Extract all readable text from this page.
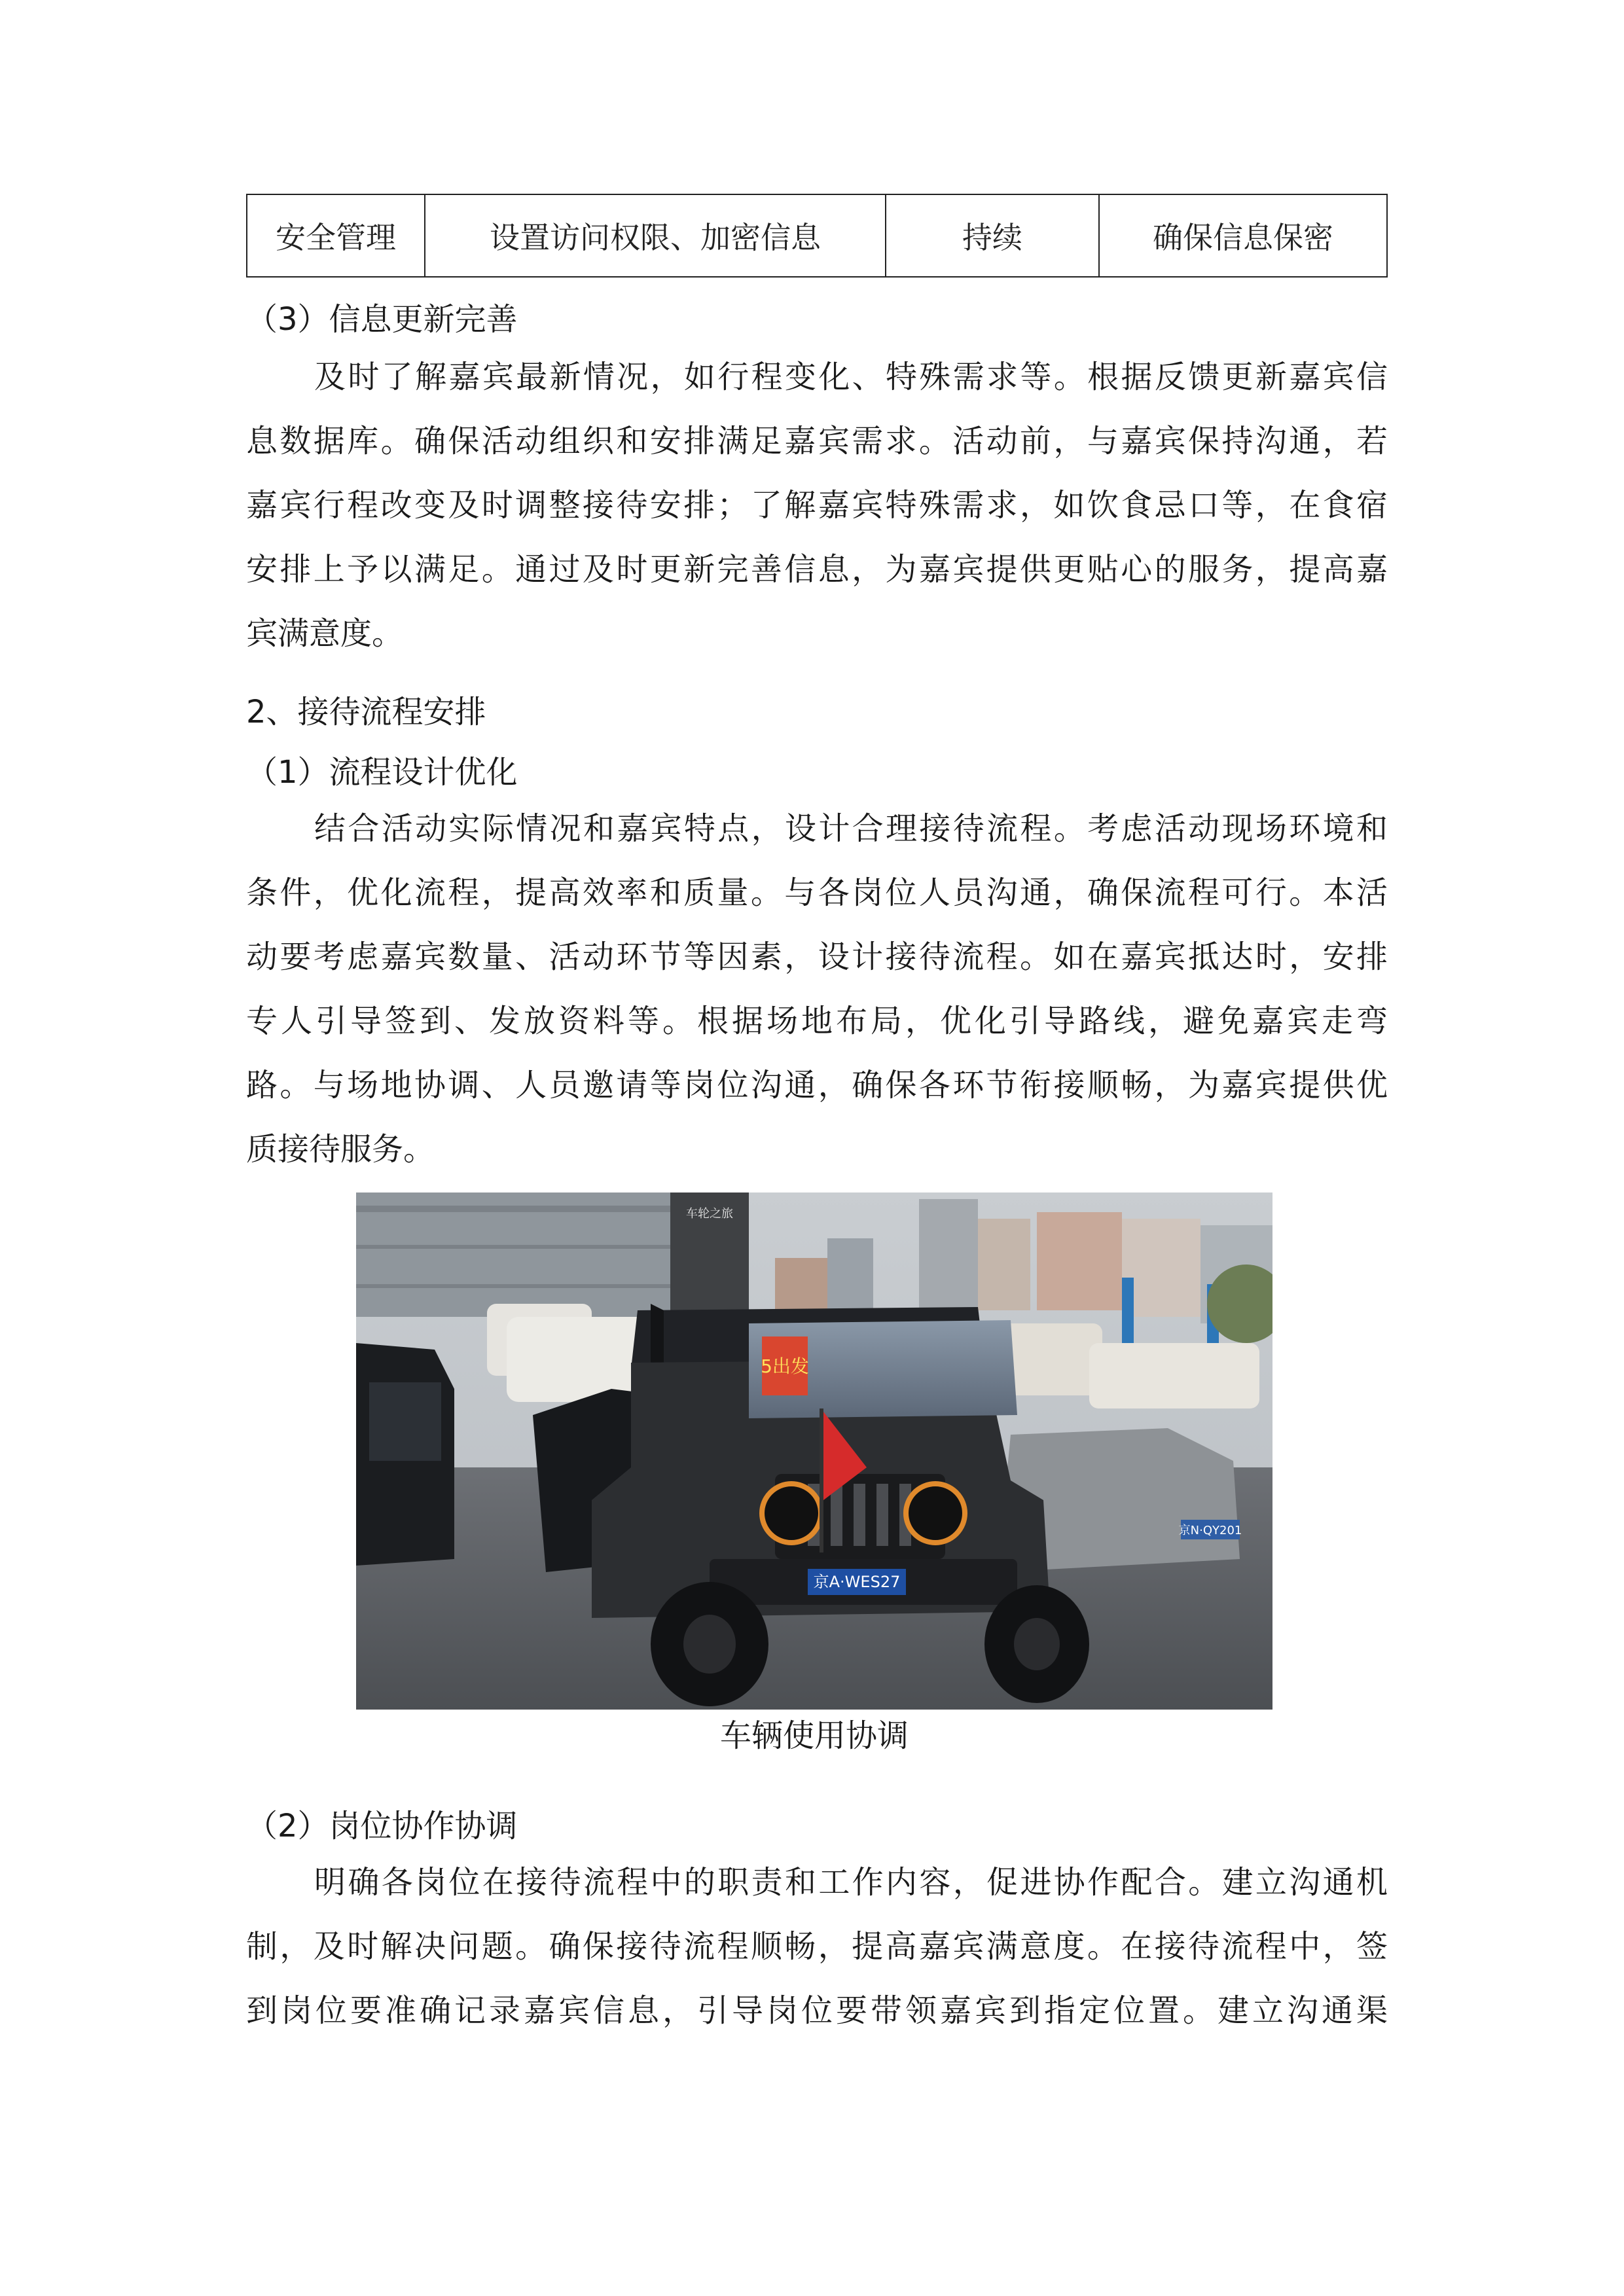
安全管理	设置访问权限、加密信息	持续	确保信息保密
（3）信息更新完善
及时了解嘉宾最新情况，如行程变化、特殊需求等。根据反馈更新嘉宾信
息数据库。确保活动组织和安排满足嘉宾需求。活动前，与嘉宾保持沟通，若
嘉宾行程改变及时调整接待安排；了解嘉宾特殊需求，如饮食忌口等，在食宿
安排上予以满足。通过及时更新完善信息，为嘉宾提供更贴心的服务，提高嘉
宾满意度。
2、接待流程安排
（1）流程设计优化
结合活动实际情况和嘉宾特点，设计合理接待流程。考虑活动现场环境和
条件，优化流程，提高效率和质量。与各岗位人员沟通，确保流程可行。本活
动要考虑嘉宾数量、活动环节等因素，设计接待流程。如在嘉宾抵达时，安排
专人引导签到、发放资料等。根据场地布局，优化引导路线，避免嘉宾走弯
路。与场地协调、人员邀请等岗位沟通，确保各环节衔接顺畅，为嘉宾提供优
质接待服务。
车轮之旅
京N·QY201
5出发
京A·WES27
车辆使用协调
（2）岗位协作协调
明确各岗位在接待流程中的职责和工作内容，促进协作配合。建立沟通机
制，及时解决问题。确保接待流程顺畅，提高嘉宾满意度。在接待流程中，签
到岗位要准确记录嘉宾信息，引导岗位要带领嘉宾到指定位置。建立沟通渠
